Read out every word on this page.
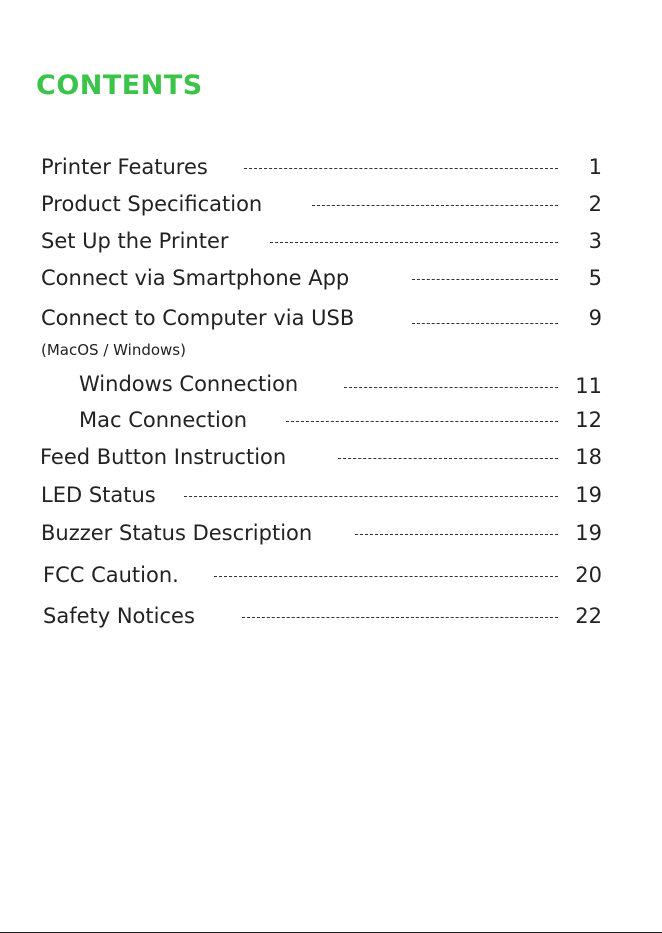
CONTENTS
Printer Features	1
Product Specification	2
Set Up the Printer	3
Connect via Smartphone App	5
Connect to Computer via USB	9
(MacOS / Windows)
Windows Connection	11
Mac Connection	12
Feed Button Instruction	18
LED Status	19
Buzzer Status Description	19
FCC Caution.	20
Safety Notices	22
